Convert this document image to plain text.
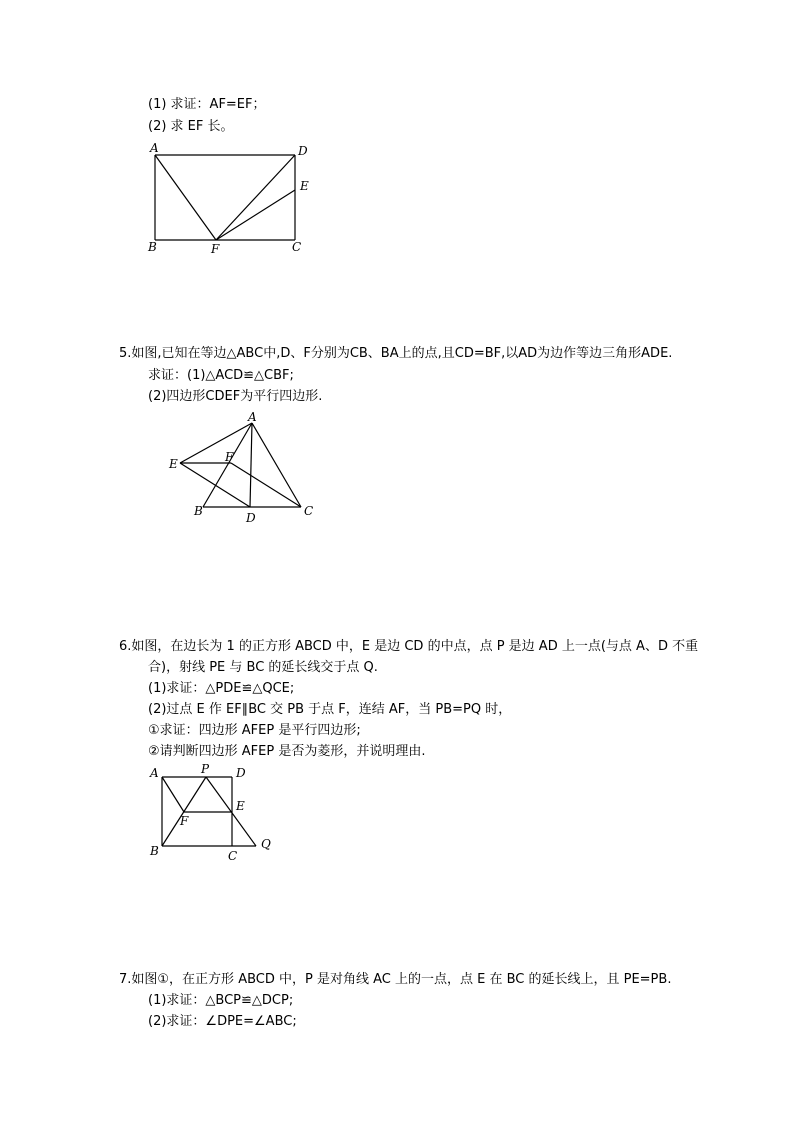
(1) 求证：AF=EF；
(2) 求 EF 长。
A	D
E
B	F	C
5.如图,已知在等边△ABC中,D、F分别为CB、BA上的点,且CD=BF,以AD为边作等边三角形ADE.
求证：(1)△ACD≌△CBF;
(2)四边形CDEF为平行四边形.
A
E	F
B	D	C
6.如图，在边长为 1 的正方形 ABCD 中，E 是边 CD 的中点，点 P 是边 AD 上一点(与点 A、D 不重
合)，射线 PE 与 BC 的延长线交于点 Q.
(1)求证：△PDE≌△QCE;
(2)过点 E 作 EF∥BC 交 PB 于点 F，连结 AF，当 PB=PQ 时，
①求证：四边形 AFEP 是平行四边形;
②请判断四边形 AFEP 是否为菱形，并说明理由.
A	P D
E
F
B	C
Q
7.如图①，在正方形 ABCD 中，P 是对角线 AC 上的一点，点 E 在 BC 的延长线上，且 PE=PB.
(1)求证：△BCP≌△DCP;
(2)求证：∠DPE=∠ABC;
